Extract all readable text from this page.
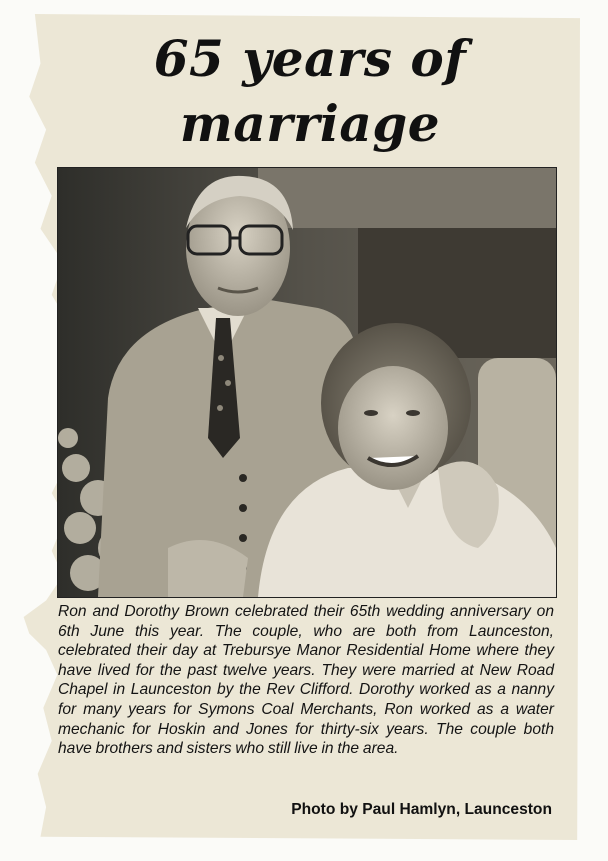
65 years of
marriage
Ron and Dorothy Brown celebrated their 65th wedding anniversary on 6th June this year. The couple, who are both from Launceston, celebrated their day at Trebursye Manor Residential Home where they have lived for the past twelve years. They were married at New Road Chapel in Launceston by the Rev Clifford. Dorothy worked as a nanny for many years for Symons Coal Merchants, Ron worked as a water mechanic for Hoskin and Jones for thirty-six years. The couple both have brothers and sisters who still live in the area.
Photo by Paul Hamlyn, Launceston
